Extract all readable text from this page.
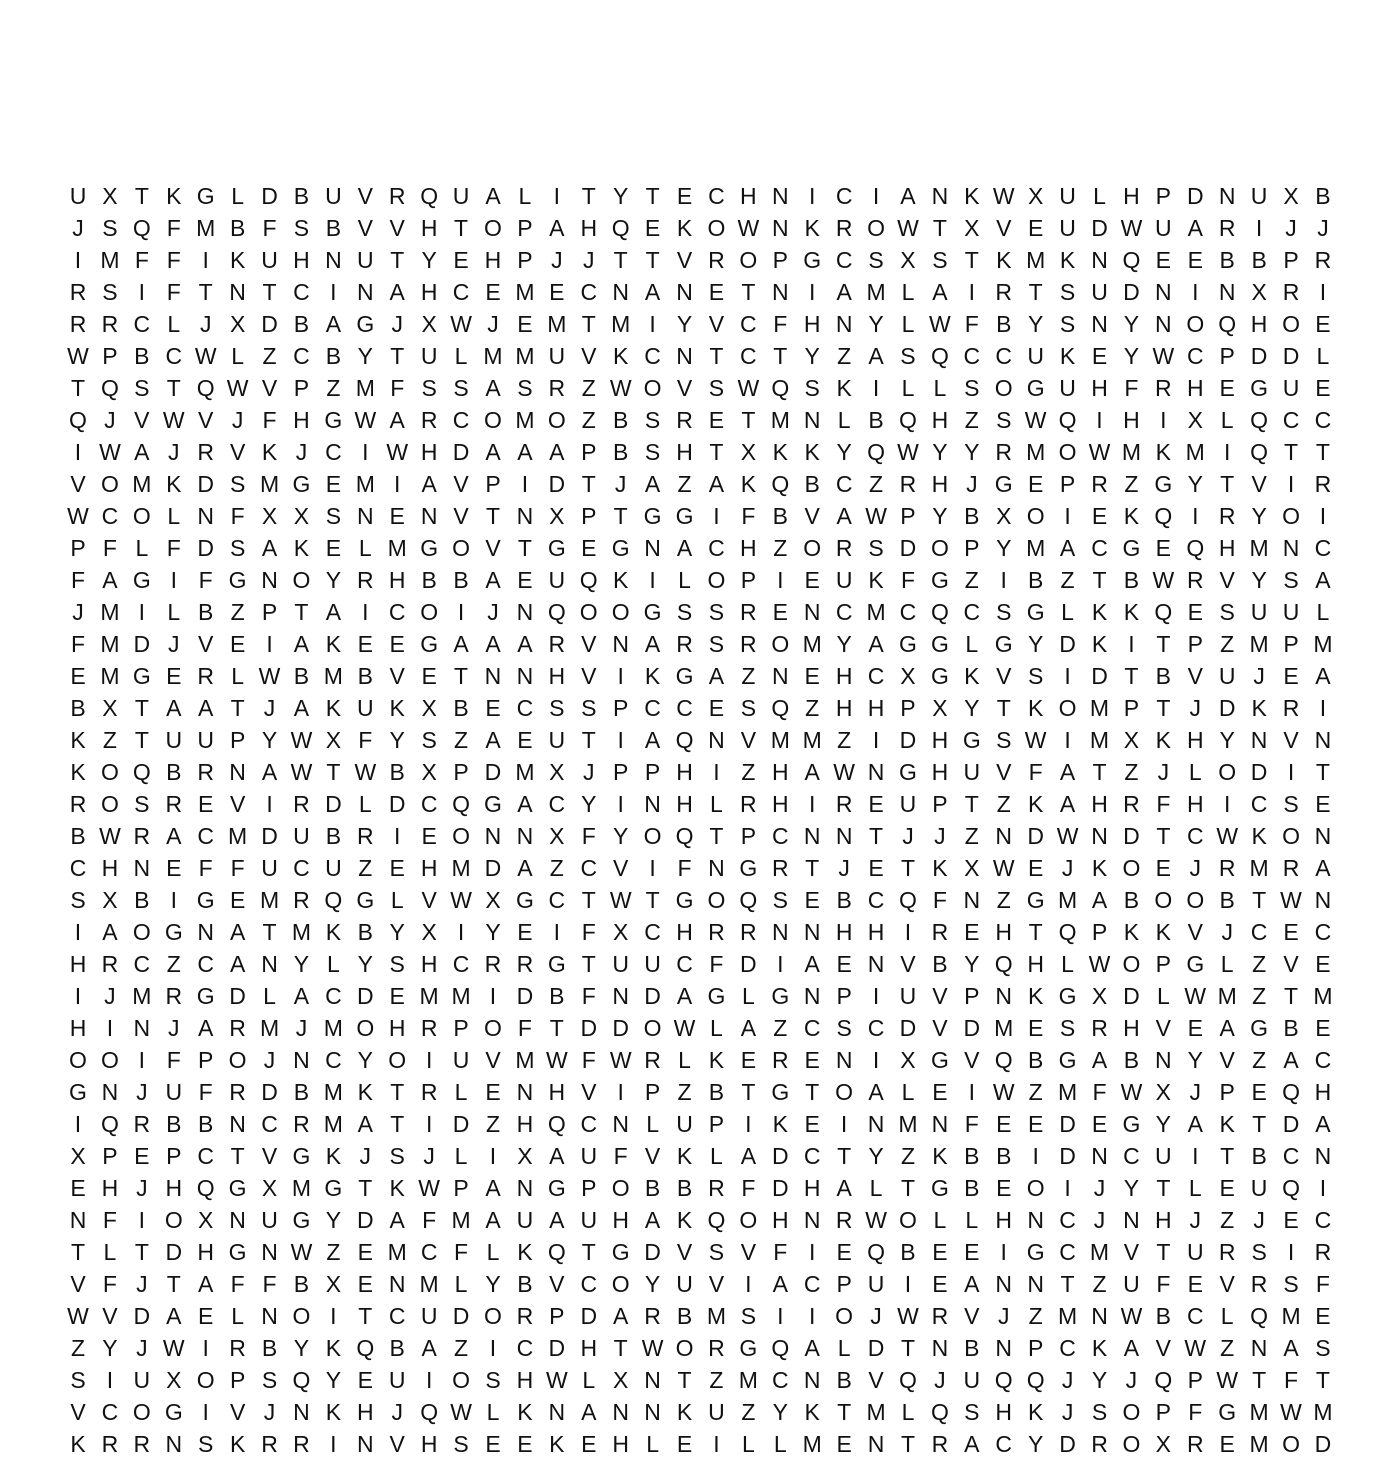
U X T K G L D B U V R Q U A L I T Y T E C H N I C I A N K W X U L H P D N U X B
J S Q F M B F S B V V H T O P A H Q E K O W N K R O W T X V E U D W U A R I J J
I M F F I K U H N U T Y E H P J J T T V R O P G C S X S T K M K N Q E E B B P R
R S I F T N T C I N A H C E M E C N A N E T N I A M L A I R T S U D N I N X R I
R R C L J X D B A G J X W J E M T M I Y V C F H N Y L W F B Y S N Y N O Q H O E
W P B C W L Z C B Y T U L M M U V K C N T C T Y Z A S Q C C U K E Y W C P D D L
T Q S T Q W V P Z M F S S A S R Z W O V S W Q S K I L L S O G U H F R H E G U E
Q J V W V J F H G W A R C O M O Z B S R E T M N L B Q H Z S W Q I H I X L Q C C
I W A J R V K J C I W H D A A A P B S H T X K K Y Q W Y Y R M O W M K M I Q T T
V O M K D S M G E M I A V P I D T J A Z A K Q B C Z R H J G E P R Z G Y T V I R
W C O L N F X X S N E N V T N X P T G G I F B V A W P Y B X O I E K Q I R Y O I
P F L F D S A K E L M G O V T G E G N A C H Z O R S D O P Y M A C G E Q H M N C
F A G I F G N O Y R H B B A E U Q K I L O P I E U K F G Z I B Z T B W R V Y S A
J M I L B Z P T A I C O I J N Q O O G S S R E N C M C Q C S G L K K Q E S U U L
F M D J V E I A K E E G A A A R V N A R S R O M Y A G G L G Y D K I T P Z M P M
E M G E R L W B M B V E T N N H V I K G A Z N E H C X G K V S I D T B V U J E A
B X T A A T J A K U K X B E C S S P C C E S Q Z H H P X Y T K O M P T J D K R I
K Z T U U P Y W X F Y S Z A E U T I A Q N V M M Z I D H G S W I M X K H Y N V N
K O Q B R N A W T W B X P D M X J P P H I Z H A W N G H U V F A T Z J L O D I T
R O S R E V I R D L D C Q G A C Y I N H L R H I R E U P T Z K A H R F H I C S E
B W R A C M D U B R I E O N N X F Y O Q T P C N N T J J Z N D W N D T C W K O N
C H N E F F U C U Z E H M D A Z C V I F N G R T J E T K X W E J K O E J R M R A
S X B I G E M R Q G L V W X G C T W T G O Q S E B C Q F N Z G M A B O O B T W N
I A O G N A T M K B Y X I Y E I F X C H R R N N H H I R E H T Q P K K V J C E C
H R C Z C A N Y L Y S H C R R G T U U C F D I A E N V B Y Q H L W O P G L Z V E
I J M R G D L A C D E M M I D B F N D A G L G N P I U V P N K G X D L W M Z T M
H I N J A R M J M O H R P O F T D D O W L A Z C S C D V D M E S R H V E A G B E
O O I F P O J N C Y O I U V M W F W R L K E R E N I X G V Q B G A B N Y V Z A C
G N J U F R D B M K T R L E N H V I P Z B T G T O A L E I W Z M F W X J P E Q H
I Q R B B N C R M A T I D Z H Q C N L U P I K E I N M N F E E D E G Y A K T D A
X P E P C T V G K J S J L I X A U F V K L A D C T Y Z K B B I D N C U I T B C N
E H J H Q G X M G T K W P A N G P O B B R F D H A L T G B E O I J Y T L E U Q I
N F I O X N U G Y D A F M A U A U H A K Q O H N R W O L L H N C J N H J Z J E C
T L T D H G N W Z E M C F L K Q T G D V S V F I E Q B E E I G C M V T U R S I R
V F J T A F F B X E N M L Y B V C O Y U V I A C P U I E A N N T Z U F E V R S F
W V D A E L N O I T C U D O R P D A R B M S I	I O J W R V J Z M N W B C L Q M E
Z Y J W I R B Y K Q B A Z I C D H T W O R G Q A L D T N B N P C K A V W Z N A S
S I U X O P S Q Y E U I O S H W L X N T Z M C N B V Q J U Q Q J Y J Q P W T F T
V C O G I V J N K H J Q W L K N A N N K U Z Y K T M L Q S H K J S O P F G M W M
K R R N S K R R I N V H S E E K E H L E I L L M E N T R A C Y D R O X R E M O D
